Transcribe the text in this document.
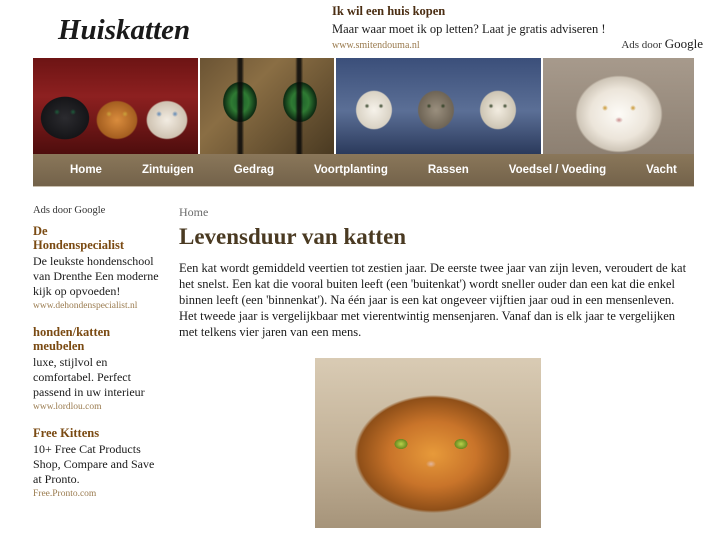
Huiskatten
Ik wil een huis kopen
Maar waar moet ik op letten? Laat je gratis adviseren !
www.smitendouma.nl	Ads door Google
Home	Zintuigen	Gedrag	Voortplanting	Rassen	Voedsel / Voeding	Vacht
Ads door Google
De
Hondenspecialist
De leukste hondenschool van Drenthe Een moderne kijk op opvoeden!
www.dehondenspecialist.nl
honden/katten
meubelen
luxe, stijlvol en comfortabel. Perfect passend in uw interieur
www.lordlou.com
Free Kittens
10+ Free Cat Products Shop, Compare and Save at Pronto.
Free.Pronto.com
Home
Levensduur van katten

Een kat wordt gemiddeld veertien tot zestien jaar. De eerste twee jaar van zijn leven, veroudert de kat het snelst. Een kat die vooral buiten leeft (een 'buitenkat') wordt sneller ouder dan een kat die enkel binnen leeft (een 'binnenkat'). Na één jaar is een kat ongeveer vijftien jaar oud in een mensenleven. Het tweede jaar is vergelijkbaar met vierentwintig mensenjaren. Vanaf dan is elk jaar te vergelijken met telkens vier jaren van een mens.
